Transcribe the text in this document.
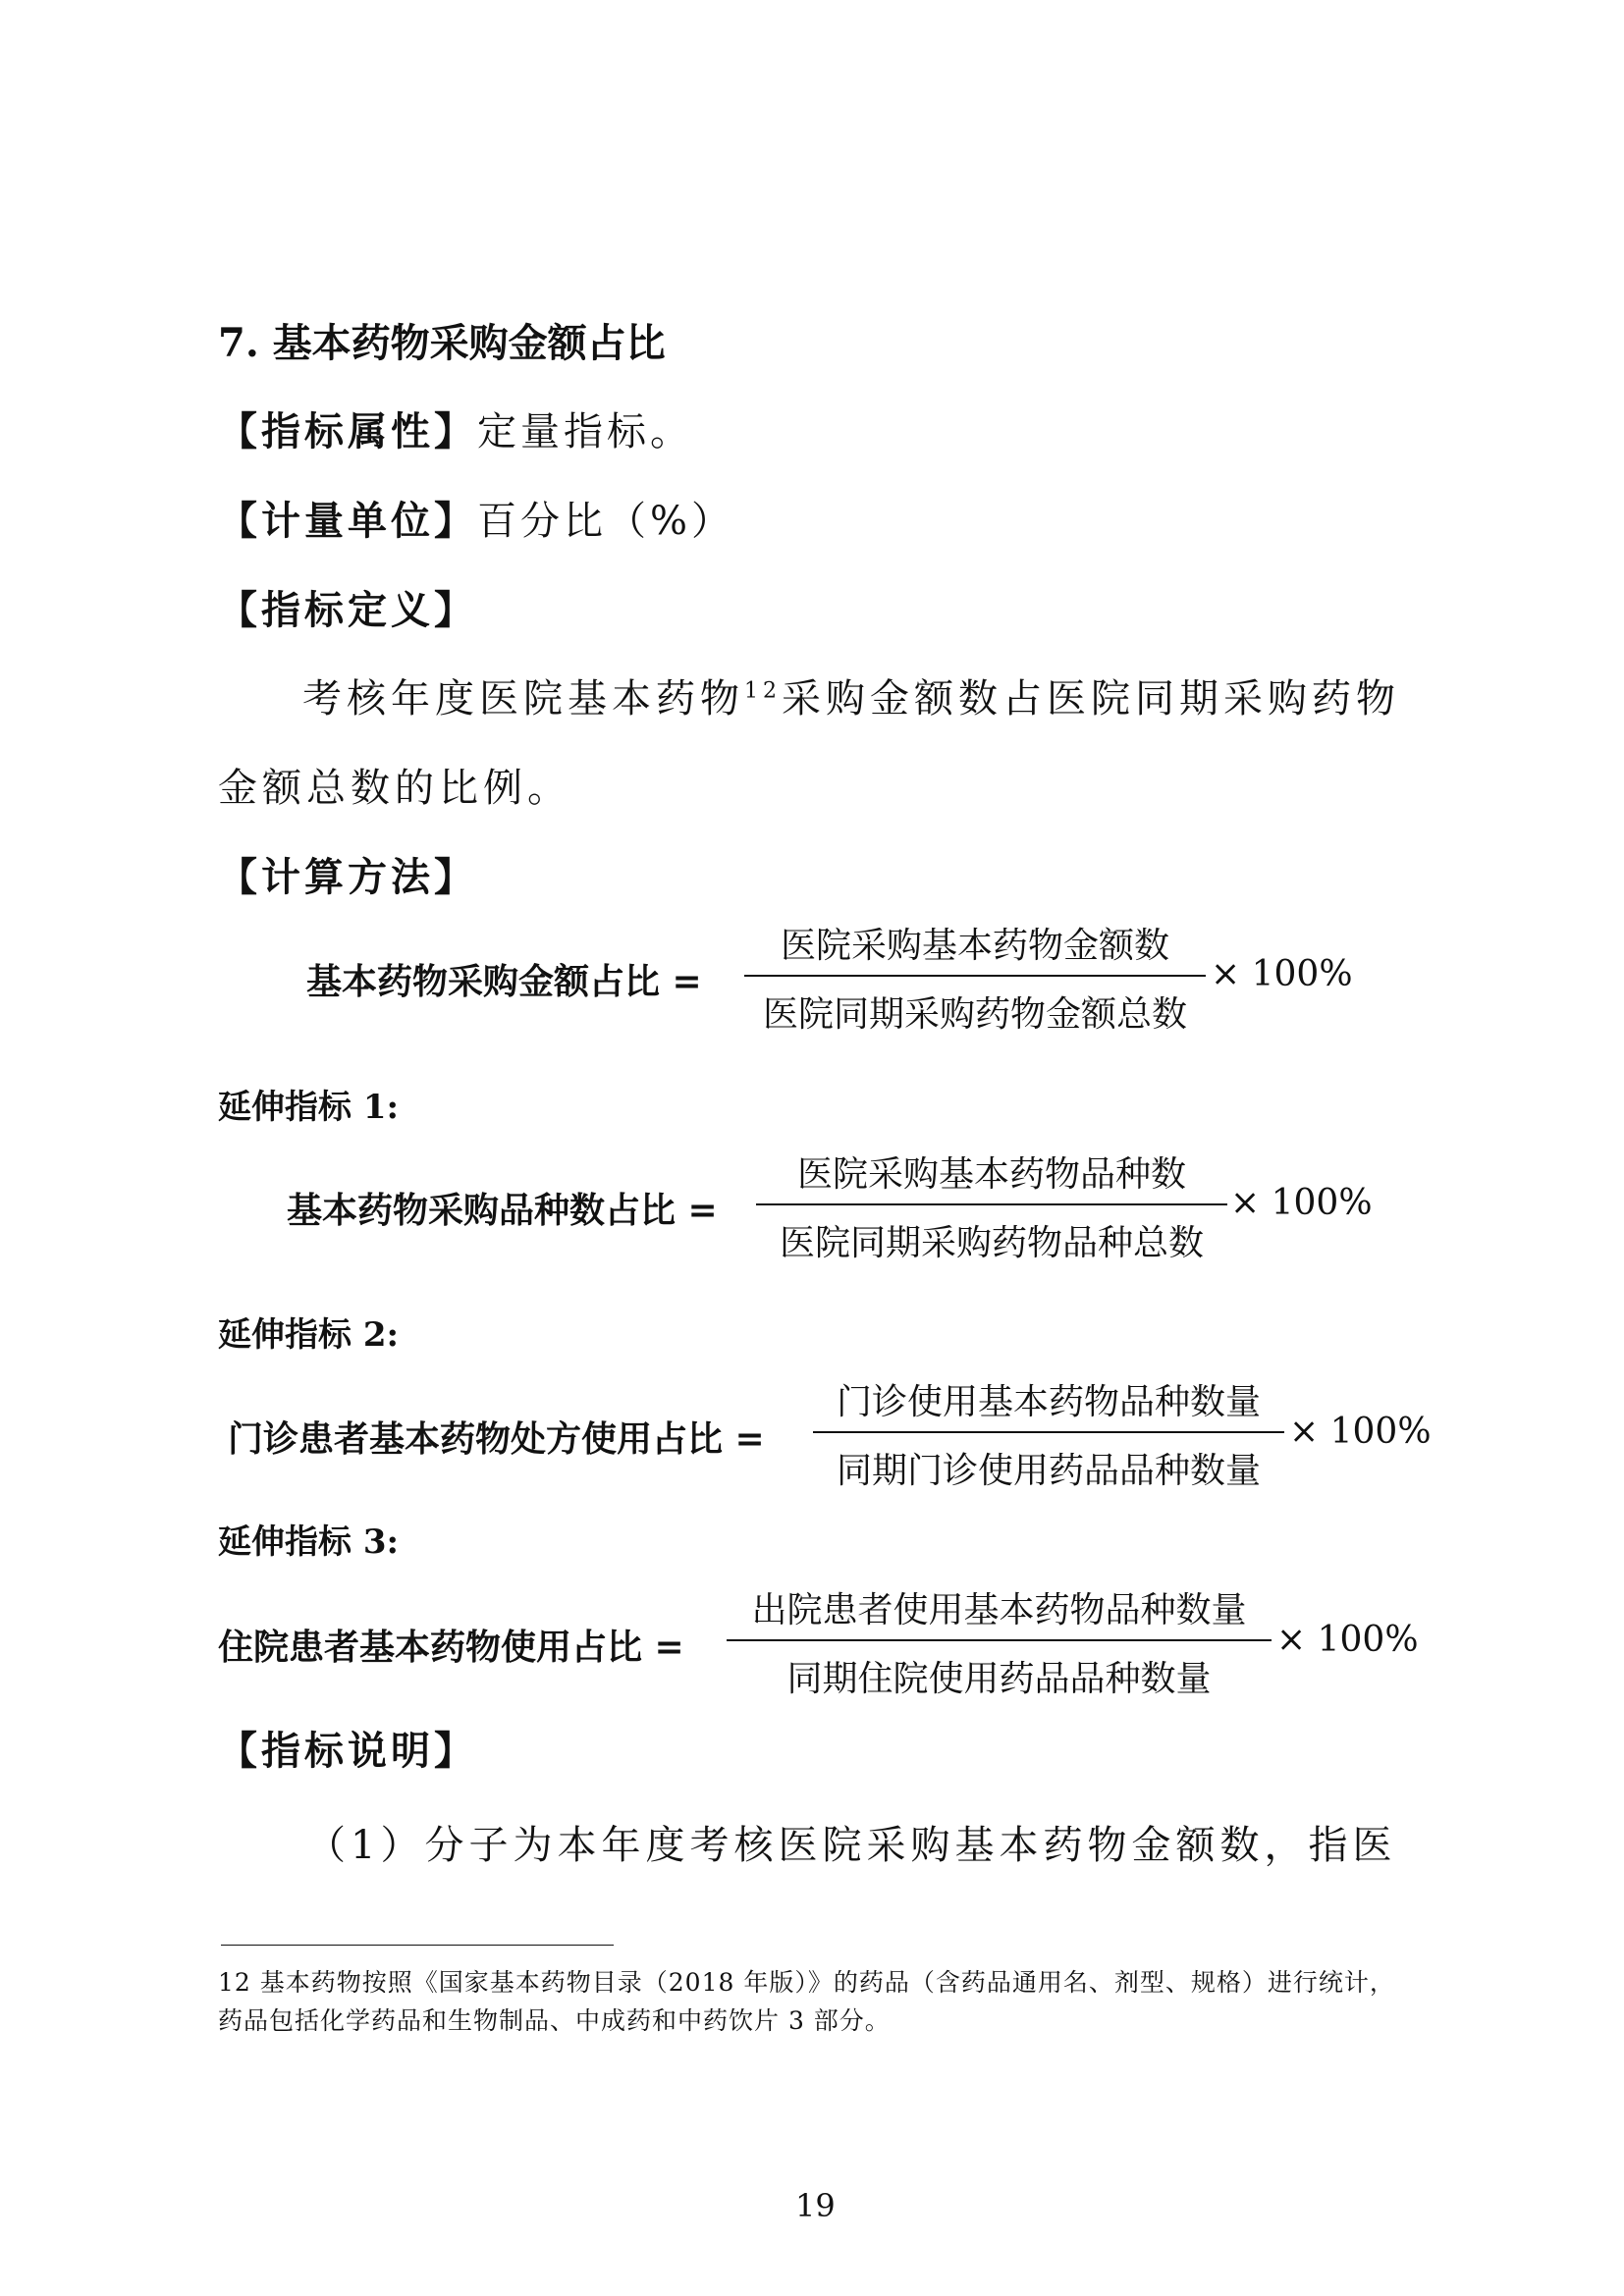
7. 基本药物采购金额占比
【指标属性】定量指标。
【计量单位】百分比（%）
【指标定义】
考核年度医院基本药物$^{12}$采购金额数占医院同期采购药物
金额总数的比例。
【计算方法】
基本药物采购金额占比 =
医院采购基本药物金额数
医院同期采购药物金额总数
× 100%
延伸指标 1:
基本药物采购品种数占比 =
医院采购基本药物品种数
医院同期采购药物品种总数
× 100%
延伸指标 2:
门诊患者基本药物处方使用占比 =
门诊使用基本药物品种数量
同期门诊使用药品品种数量
× 100%
延伸指标 3:
住院患者基本药物使用占比 =
出院患者使用基本药物品种数量
同期住院使用药品品种数量
× 100%
【指标说明】
（1）分子为本年度考核医院采购基本药物金额数，指医
12 基本药物按照《国家基本药物目录（2018 年版）》的药品（含药品通用名、剂型、规格）进行统计，药品包括化学药品和生物制品、中成药和中药饮片 3 部分。
19
